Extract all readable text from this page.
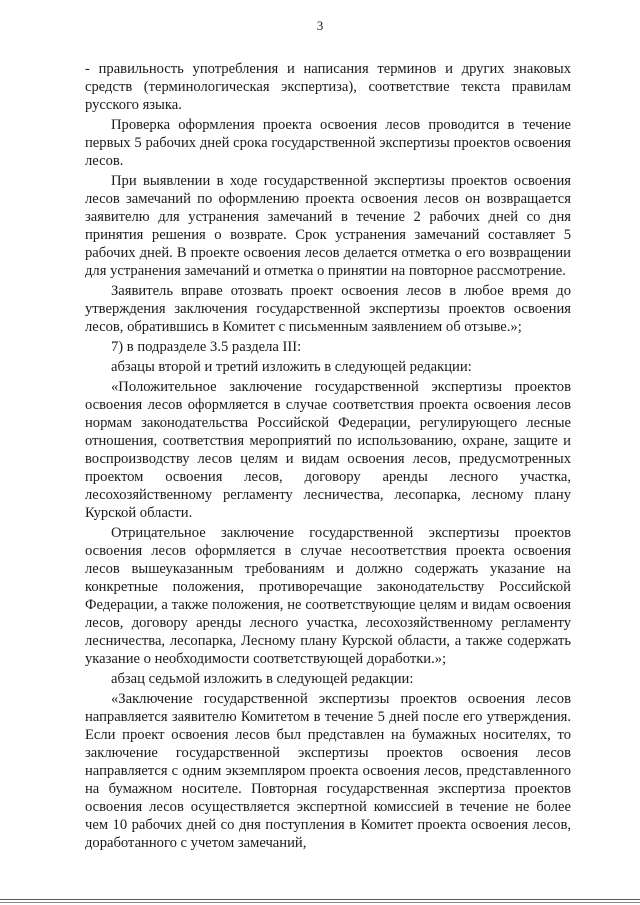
3

- правильность употребления и написания терминов и других знаковых средств (терминологическая экспертиза), соответствие текста правилам русского языка.

Проверка оформления проекта освоения лесов проводится в течение первых 5 рабочих дней срока государственной экспертизы проектов освоения лесов.

При выявлении в ходе государственной экспертизы проектов освоения лесов замечаний по оформлению проекта освоения лесов он возвращается заявителю для устранения замечаний в течение 2 рабочих дней со дня принятия решения о возврате. Срок устранения замечаний составляет 5 рабочих дней. В проекте освоения лесов делается отметка о его возвращении для устранения замечаний и отметка о принятии на повторное рассмотрение.

Заявитель вправе отозвать проект освоения лесов в любое время до утверждения заключения государственной экспертизы проектов освоения лесов, обратившись в Комитет с письменным заявлением об отзыве.»;

7) в подразделе 3.5 раздела III:

абзацы второй и третий изложить в следующей редакции:

«Положительное заключение государственной экспертизы проектов освоения лесов оформляется в случае соответствия проекта освоения лесов нормам законодательства Российской Федерации, регулирующего лесные отношения, соответствия мероприятий по использованию, охране, защите и воспроизводству лесов целям и видам освоения лесов, предусмотренных проектом освоения лесов, договору аренды лесного участка, лесохозяйственному регламенту лесничества, лесопарка, лесному плану Курской области.

Отрицательное заключение государственной экспертизы проектов освоения лесов оформляется в случае несоответствия проекта освоения лесов вышеуказанным требованиям и должно содержать указание на конкретные положения, противоречащие законодательству Российской Федерации, а также положения, не соответствующие целям и видам освоения лесов, договору аренды лесного участка, лесохозяйственному регламенту лесничества, лесопарка, Лесному плану Курской области, а также содержать указание о необходимости соответствующей доработки.»;

абзац седьмой изложить в следующей редакции:

«Заключение государственной экспертизы проектов освоения лесов направляется заявителю Комитетом в течение 5 дней после его утверждения. Если проект освоения лесов был представлен на бумажных носителях, то заключение государственной экспертизы проектов освоения лесов направляется с одним экземпляром проекта освоения лесов, представленного на бумажном носителе. Повторная государственная экспертиза проектов освоения лесов осуществляется экспертной комиссией в течение не более чем 10 рабочих дней со дня поступления в Комитет проекта освоения лесов, доработанного с учетом замечаний,
